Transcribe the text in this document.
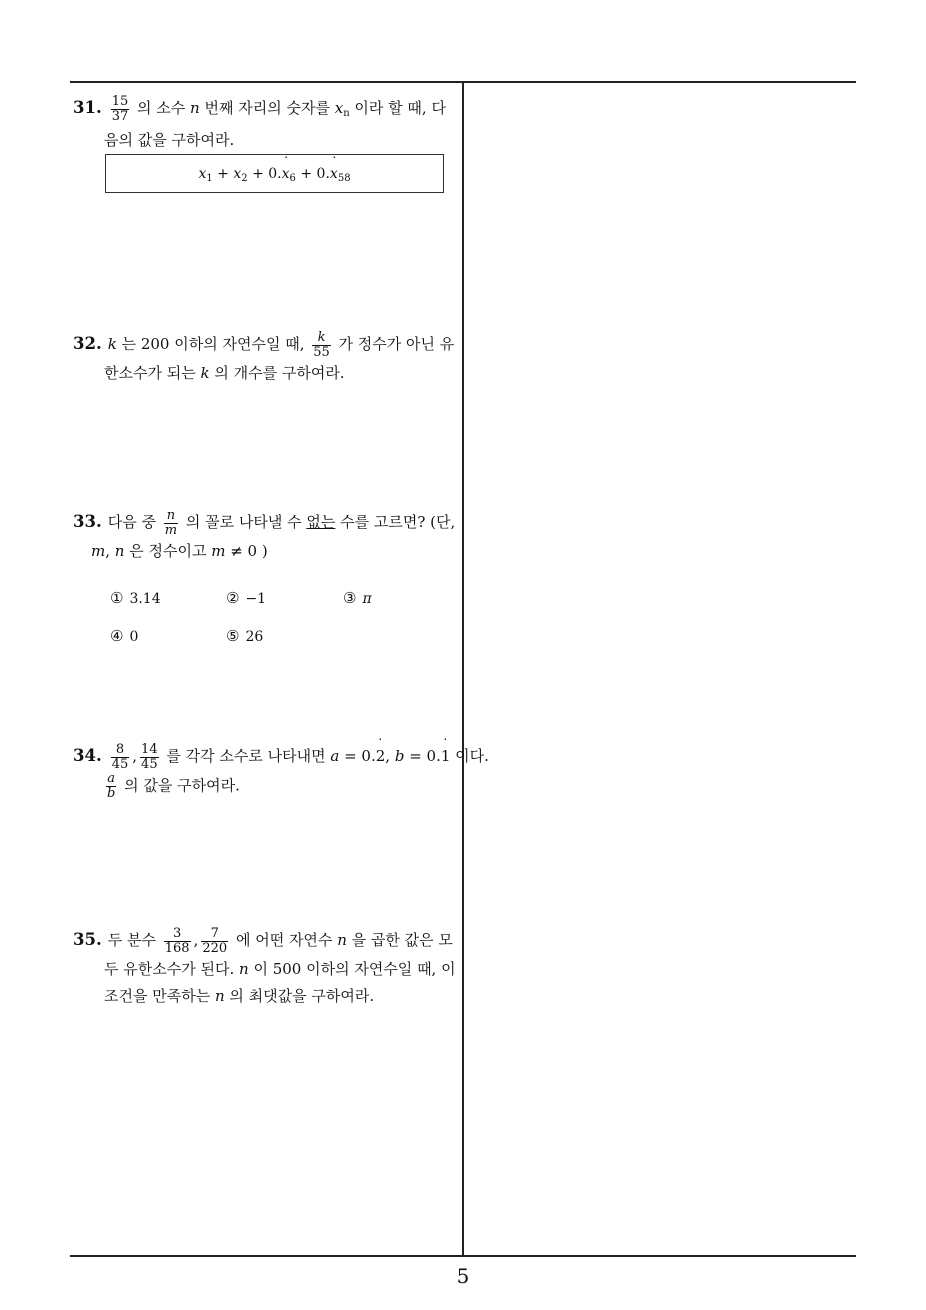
31. $\frac{15}{37}$ 의 소수 n 번째 자리의 숫자를 $x_n$ 이라 할 때, 다
음의 값을 구하여라.
$x_1 + x_2$ + 0.˙ $x_6$ + 0.˙ $x_{58}$
32. k 는 200 이하의 자연수일 때, $\frac{k}{55}$ 가 정수가 아닌 유
한소수가 되는 k 의 개수를 구하여라.
33. 다음 중 $\frac{n}{m}$ 의 꼴로 나타낼 수 없는 수를 고르면? (단,
m, n 은 정수이고 m ≠ 0 )
① 3.14	② −1	③ π
④ 0	⑤ 26
34. $\frac{8}{45}$ , $\frac{14}{45}$ 를 각각 소수로 나타내면 a = 0.˙ 2, b = 0.˙ 1 이다.
$\frac{a}{b}$ 의 값을 구하여라.
35. 두 분수 $\frac{3}{168}$ , $\frac{7}{220}$ 에 어떤 자연수 n 을 곱한 값은 모
두 유한소수가 된다. n 이 500 이하의 자연수일 때, 이
조건을 만족하는 n 의 최댓값을 구하여라.
5
